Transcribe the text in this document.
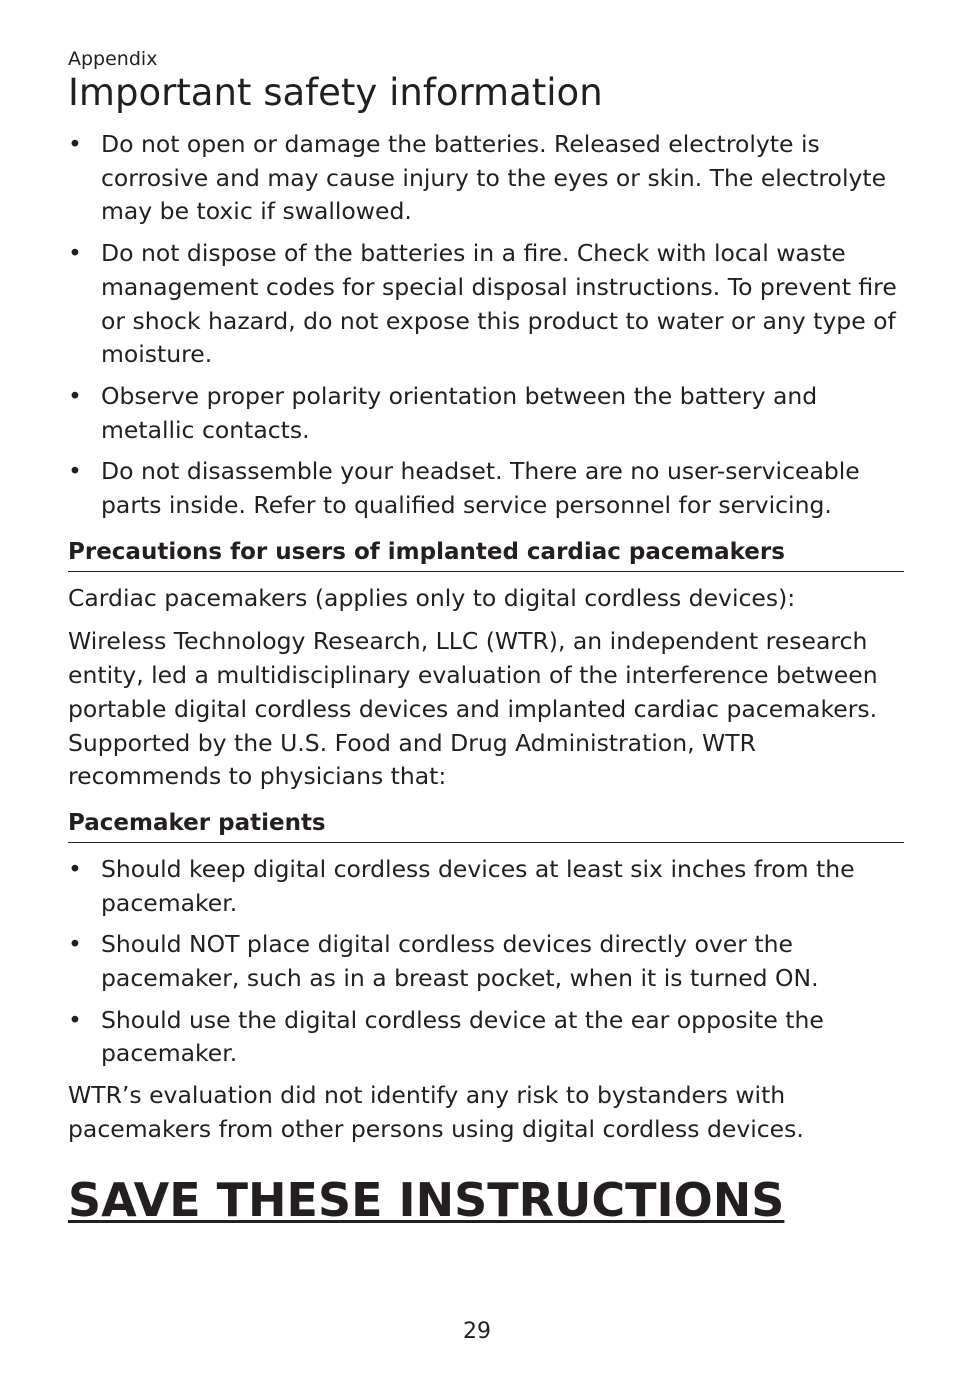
Appendix
Important safety information
• Do not open or damage the batteries. Released electrolyte is corrosive and may cause injury to the eyes or skin. The electrolyte may be toxic if swallowed.
• Do not dispose of the batteries in a fire. Check with local waste management codes for special disposal instructions. To prevent fire or shock hazard, do not expose this product to water or any type of moisture.
• Observe proper polarity orientation between the battery and metallic contacts.
• Do not disassemble your headset. There are no user-serviceable parts inside. Refer to qualified service personnel for servicing.
Precautions for users of implanted cardiac pacemakers

Cardiac pacemakers (applies only to digital cordless devices):

Wireless Technology Research, LLC (WTR), an independent research entity, led a multidisciplinary evaluation of the interference between portable digital cordless devices and implanted cardiac pacemakers. Supported by the U.S. Food and Drug Administration, WTR recommends to physicians that:

Pacemaker patients
• Should keep digital cordless devices at least six inches from the pacemaker.
• Should NOT place digital cordless devices directly over the pacemaker, such as in a breast pocket, when it is turned ON.
• Should use the digital cordless device at the ear opposite the pacemaker.

WTR’s evaluation did not identify any risk to bystanders with pacemakers from other persons using digital cordless devices.

SAVE THESE INSTRUCTIONS
29
